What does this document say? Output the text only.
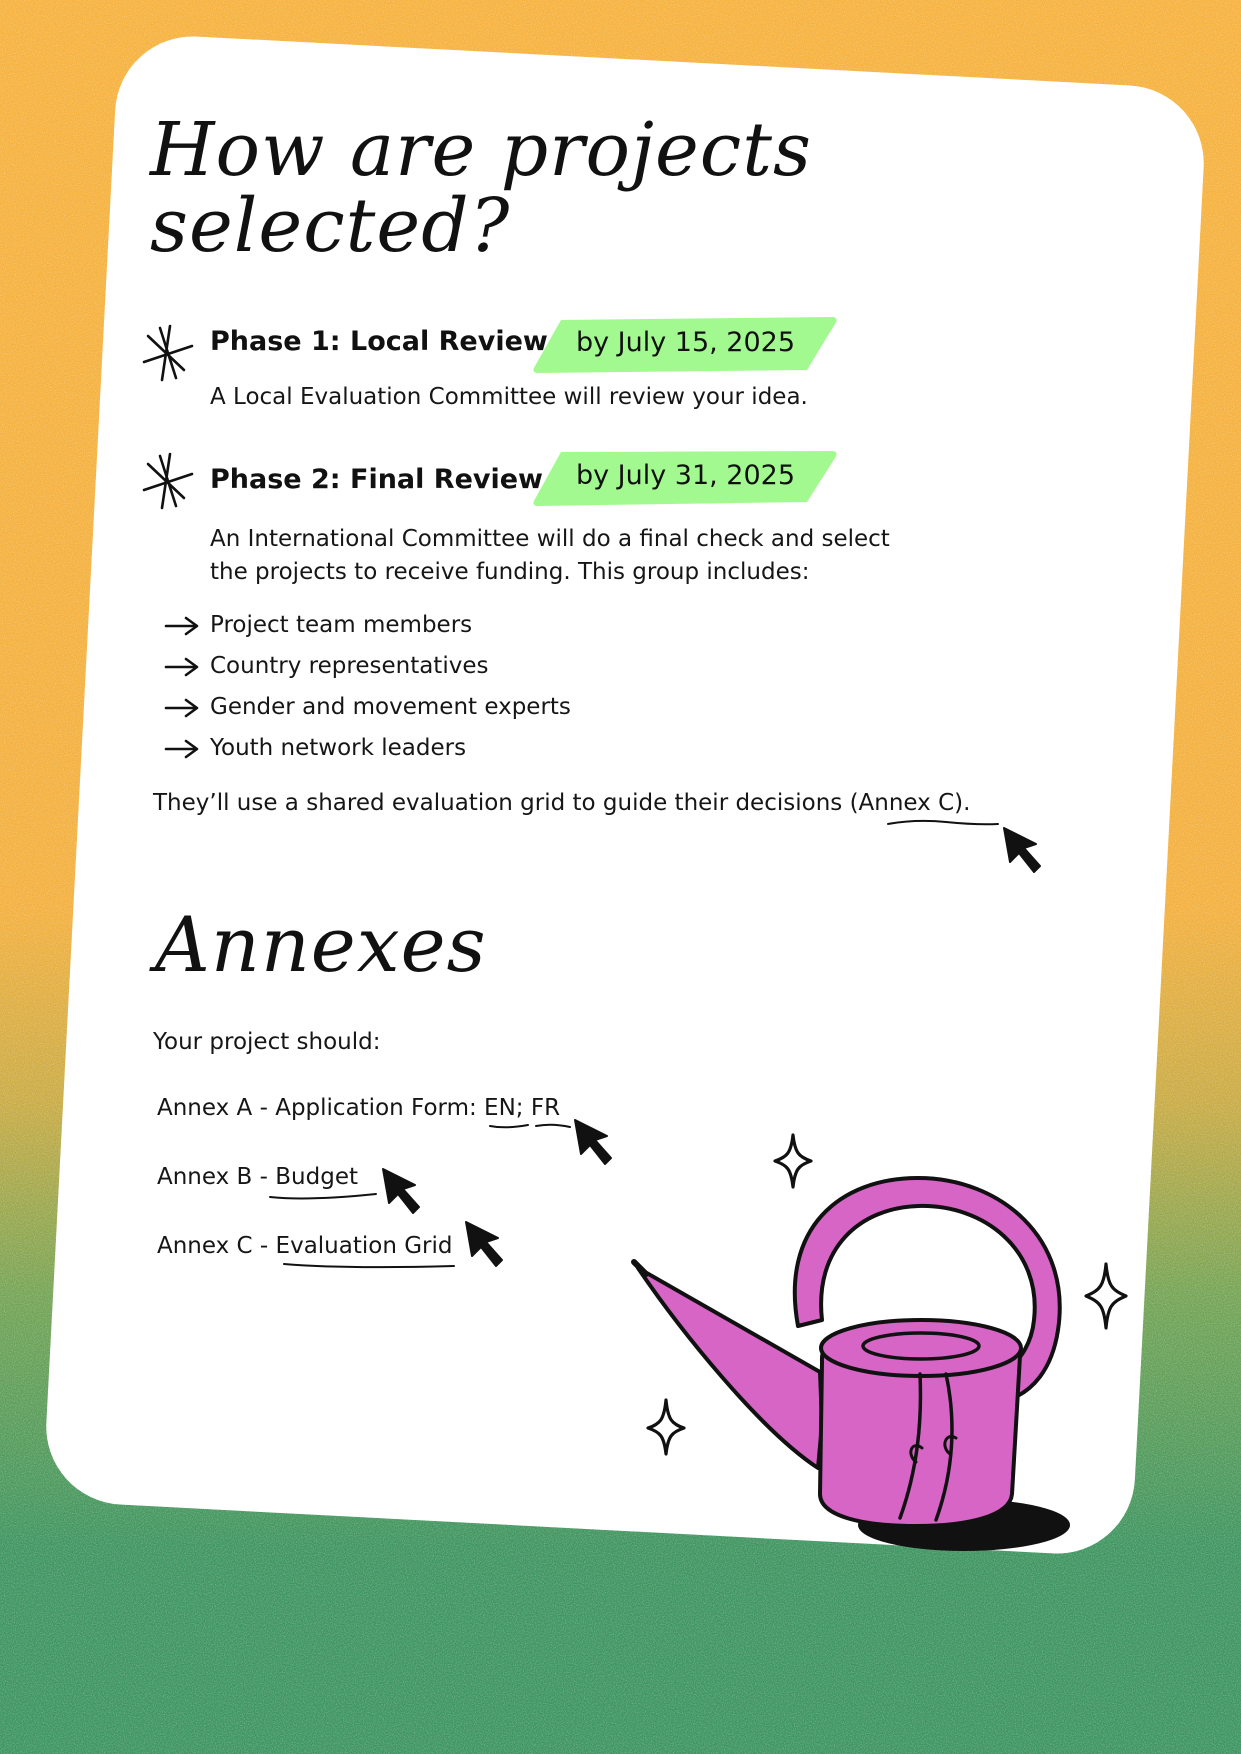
How are projects
selected?

Phase 1: Local Review	by July 15, 2025

A Local Evaluation Committee will review your idea.

Phase 2: Final Review	by July 31, 2025

An International Committee will do a final check and select

the projects to receive funding. This group includes:

Project team members
Country representatives
Gender and movement experts
Youth network leaders

They’ll use a shared evaluation grid to guide their decisions (Annex C).

Annexes

Your project should:

Annex A - Application Form: EN; FR
Annex B - Budget
Annex C - Evaluation Grid
